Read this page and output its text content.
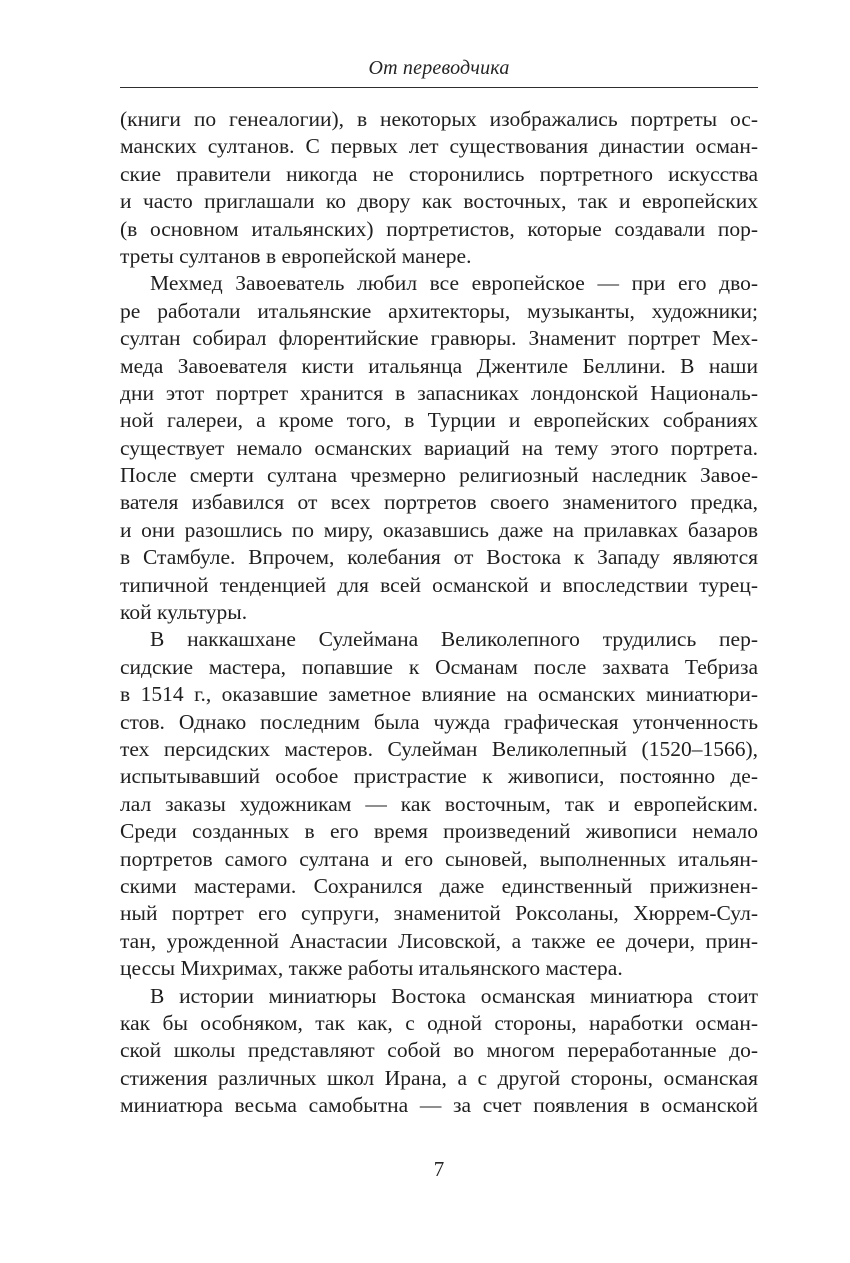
От переводчика
(книги по генеалогии), в некоторых изображались портреты ос-
манских султанов. С первых лет существования династии осман-
ские правители никогда не сторонились портретного искусства
и часто приглашали ко двору как восточных, так и европейских
(в основном итальянских) портретистов, которые создавали пор-
треты султанов в европейской манере.
Мехмед Завоеватель любил все европейское — при его дво-
ре работали итальянские архитекторы, музыканты, художники;
султан собирал флорентийские гравюры. Знаменит портрет Мех-
меда Завоевателя кисти итальянца Джентиле Беллини. В наши
дни этот портрет хранится в запасниках лондонской Националь-
ной галереи, а кроме того, в Турции и европейских собраниях
существует немало османских вариаций на тему этого портрета.
После смерти султана чрезмерно религиозный наследник Завое-
вателя избавился от всех портретов своего знаменитого предка,
и они разошлись по миру, оказавшись даже на прилавках базаров
в Стамбуле. Впрочем, колебания от Востока к Западу являются
типичной тенденцией для всей османской и впоследствии турец-
кой культуры.
В наккашхане Сулеймана Великолепного трудились пер-
сидские мастера, попавшие к Османам после захвата Тебриза
в 1514 г., оказавшие заметное влияние на османских миниатюри-
стов. Однако последним была чужда графическая утонченность
тех персидских мастеров. Сулейман Великолепный (1520–1566),
испытывавший особое пристрастие к живописи, постоянно де-
лал заказы художникам — как восточным, так и европейским.
Среди созданных в его время произведений живописи немало
портретов самого султана и его сыновей, выполненных итальян-
скими мастерами. Сохранился даже единственный прижизнен-
ный портрет его супруги, знаменитой Роксоланы, Хюррем-Сул-
тан, урожденной Анастасии Лисовской, а также ее дочери, прин-
цессы Михримах, также работы итальянского мастера.
В истории миниатюры Востока османская миниатюра стоит
как бы особняком, так как, с одной стороны, наработки осман-
ской школы представляют собой во многом переработанные до-
стижения различных школ Ирана, а с другой стороны, османская
миниатюра весьма самобытна — за счет появления в османской
7
